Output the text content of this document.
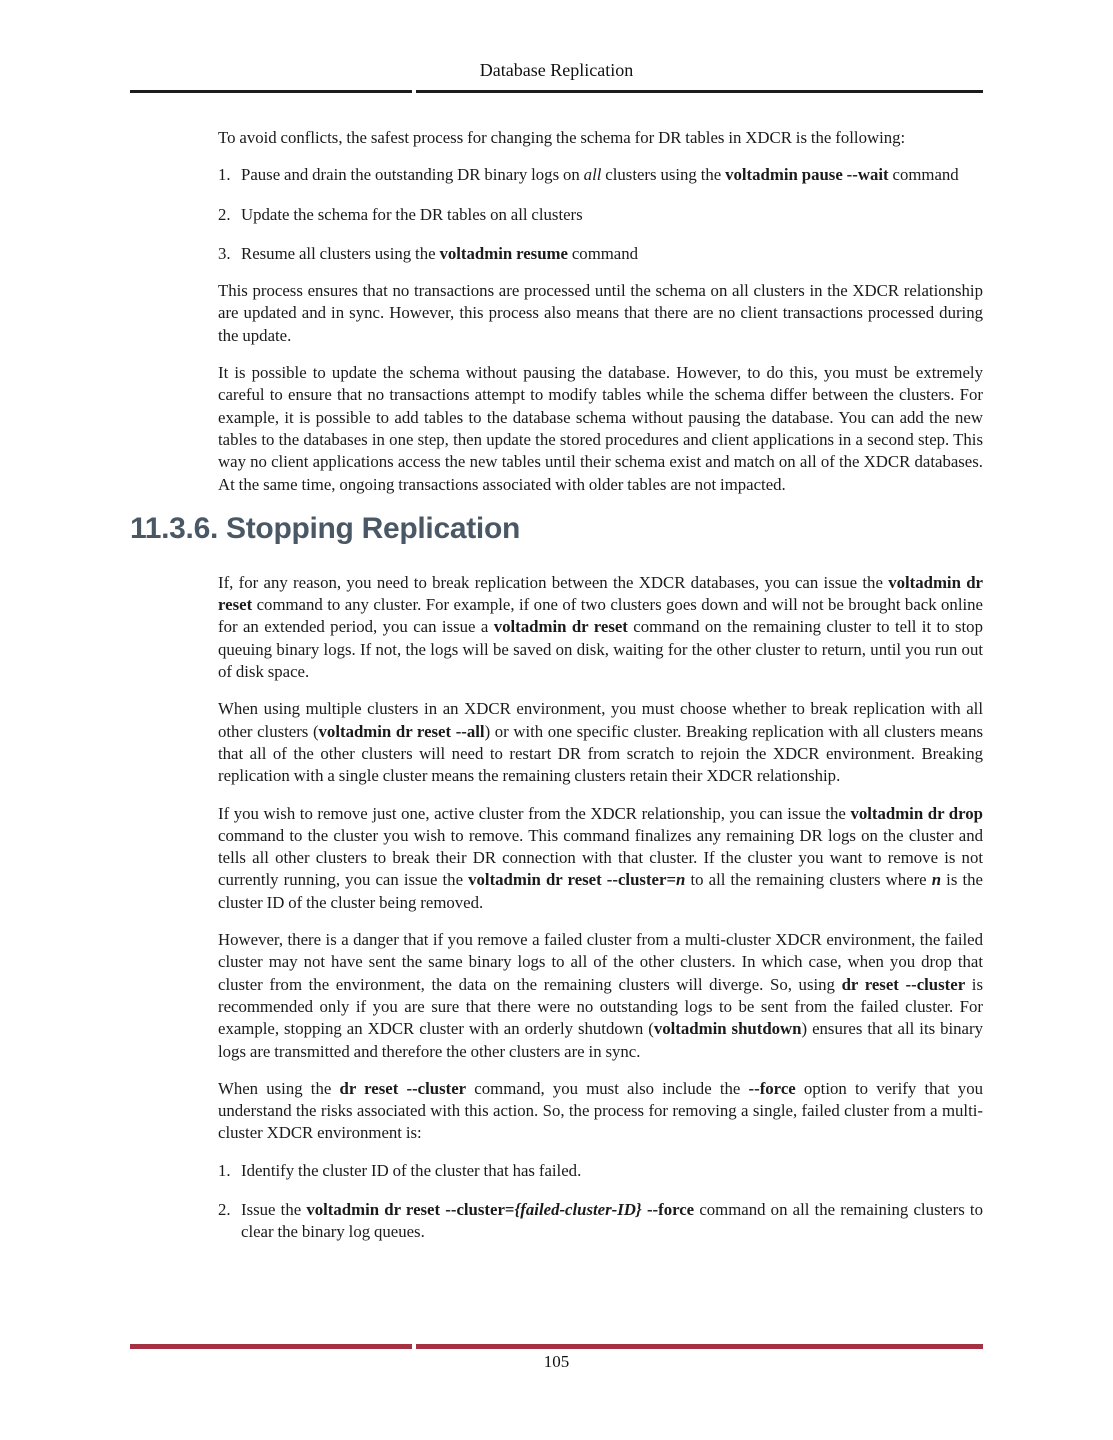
Database Replication

To avoid conflicts, the safest process for changing the schema for DR tables in XDCR is the following:

1. Pause and drain the outstanding DR binary logs on all clusters using the voltadmin pause --wait command
2. Update the schema for the DR tables on all clusters
3. Resume all clusters using the voltadmin resume command

This process ensures that no transactions are processed until the schema on all clusters in the XDCR relationship are updated and in sync. However, this process also means that there are no client transactions processed during the update.

It is possible to update the schema without pausing the database. However, to do this, you must be extremely careful to ensure that no transactions attempt to modify tables while the schema differ between the clusters. For example, it is possible to add tables to the database schema without pausing the database. You can add the new tables to the databases in one step, then update the stored procedures and client applications in a second step. This way no client applications access the new tables until their schema exist and match on all of the XDCR databases. At the same time, ongoing transactions associated with older tables are not impacted.

11.3.6. Stopping Replication

If, for any reason, you need to break replication between the XDCR databases, you can issue the voltadmin dr reset command to any cluster. For example, if one of two clusters goes down and will not be brought back online for an extended period, you can issue a voltadmin dr reset command on the remaining cluster to tell it to stop queuing binary logs. If not, the logs will be saved on disk, waiting for the other cluster to return, until you run out of disk space.

When using multiple clusters in an XDCR environment, you must choose whether to break replication with all other clusters (voltadmin dr reset --all) or with one specific cluster. Breaking replication with all clusters means that all of the other clusters will need to restart DR from scratch to rejoin the XDCR environment. Breaking replication with a single cluster means the remaining clusters retain their XDCR relationship.

If you wish to remove just one, active cluster from the XDCR relationship, you can issue the voltadmin dr drop command to the cluster you wish to remove. This command finalizes any remaining DR logs on the cluster and tells all other clusters to break their DR connection with that cluster. If the cluster you want to remove is not currently running, you can issue the voltadmin dr reset --cluster=n to all the remaining clusters where n is the cluster ID of the cluster being removed.

However, there is a danger that if you remove a failed cluster from a multi-cluster XDCR environment, the failed cluster may not have sent the same binary logs to all of the other clusters. In which case, when you drop that cluster from the environment, the data on the remaining clusters will diverge. So, using dr reset --cluster is recommended only if you are sure that there were no outstanding logs to be sent from the failed cluster. For example, stopping an XDCR cluster with an orderly shutdown (voltadmin shutdown) ensures that all its binary logs are transmitted and therefore the other clusters are in sync.

When using the dr reset --cluster command, you must also include the --force option to verify that you understand the risks associated with this action. So, the process for removing a single, failed cluster from a multi-cluster XDCR environment is:

1. Identify the cluster ID of the cluster that has failed.
2. Issue the voltadmin dr reset --cluster={failed-cluster-ID} --force command on all the remaining clusters to clear the binary log queues.
105
